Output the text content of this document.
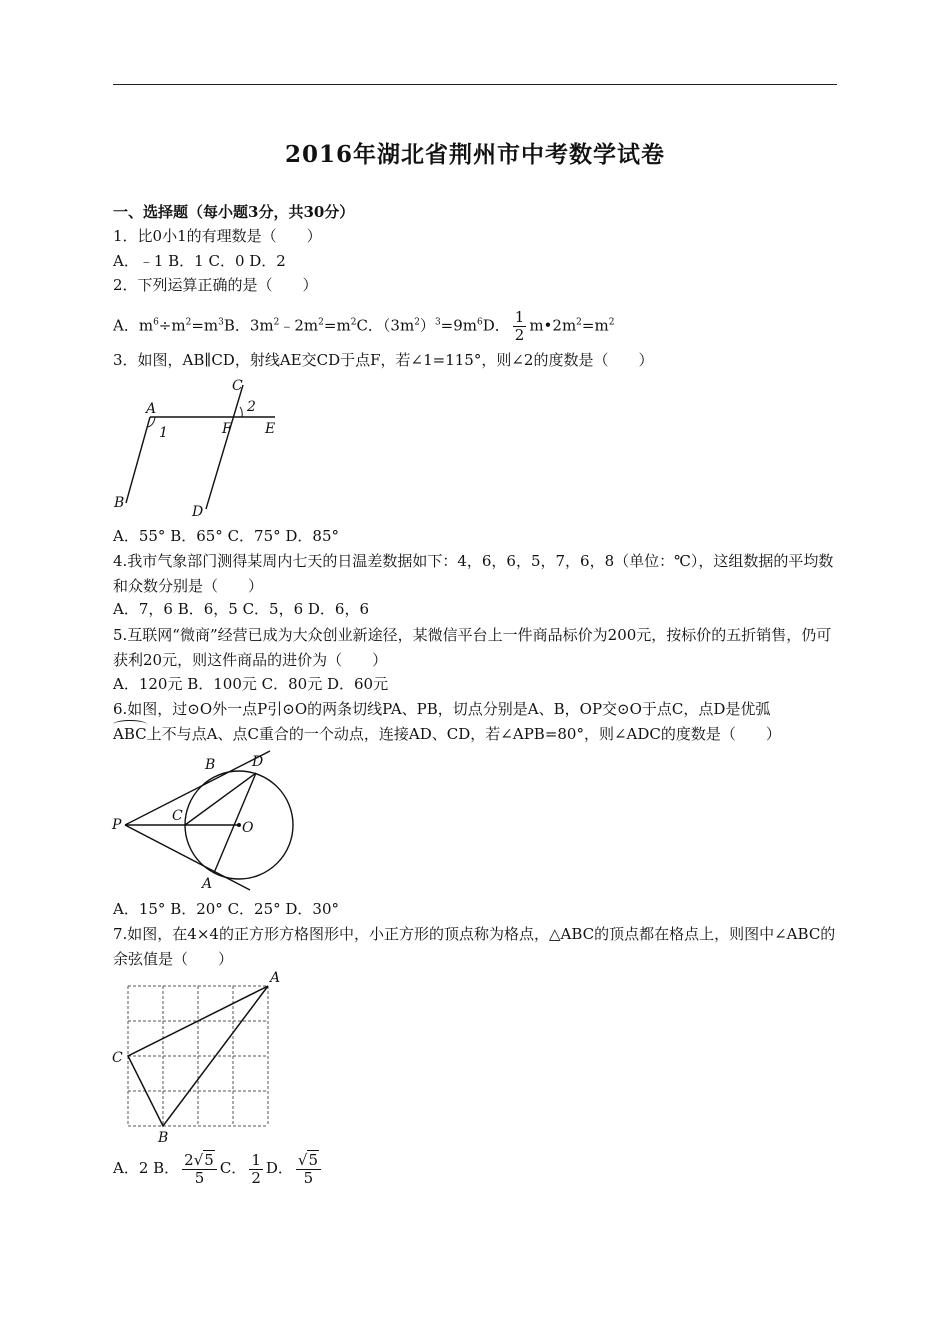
2016年湖北省荆州市中考数学试卷
一、选择题（每小题3分，共30分）
1．比0小1的有理数是（　　）
A．﹣1 B．1 C．0 D．2
2．下列运算正确的是（　　）
A．$m^6\div m^2=m^3B$．$3m^2﹣2m^2=m^2C$．$(3m^2)^3=9m^6D$． $\frac{1}{2}$ $m•2m^2=m^2$
3．如图，AB∥CD，射线AE交CD于点F，若∠1=115°，则∠2的度数是（　　）
A
1
C
2
F E
B
D
A．55° B．65° C．75° D．85°
4.我市气象部门测得某周内七天的日温差数据如下：4，6，6，5，7，6，8（单位：℃），这组数据的平均数和众数分别是（　　）
A．7，6 B．6，5 C．5，6 D．6，6
5.互联网“微商”经营已成为大众创业新途径，某微信平台上一件商品标价为200元，按标价的五折销售，仍可获利20元，则这件商品的进价为（　　）
A．120元 B．100元 C．80元 D．60元
6.如图，过⊙O外一点P引⊙O的两条切线PA、PB，切点分别是A、B，OP交⊙O于点C，点D是优弧
ABC上不与点A、点C重合的一个动点，连接AD、CD，若∠APB=80°，则∠ADC的度数是（　　）
P
B	D
C
O
A
A．15° B．20° C．25° D．30°
7.如图，在4×4的正方形方格图形中，小正方形的顶点称为格点，△ABC的顶点都在格点上，则图中∠ABC的余弦值是（　　）
A
C
B
A．2 B． $\frac{2√5}{5}$ C． $\frac{1}{2}$ D． $\frac{√5}{5}$
